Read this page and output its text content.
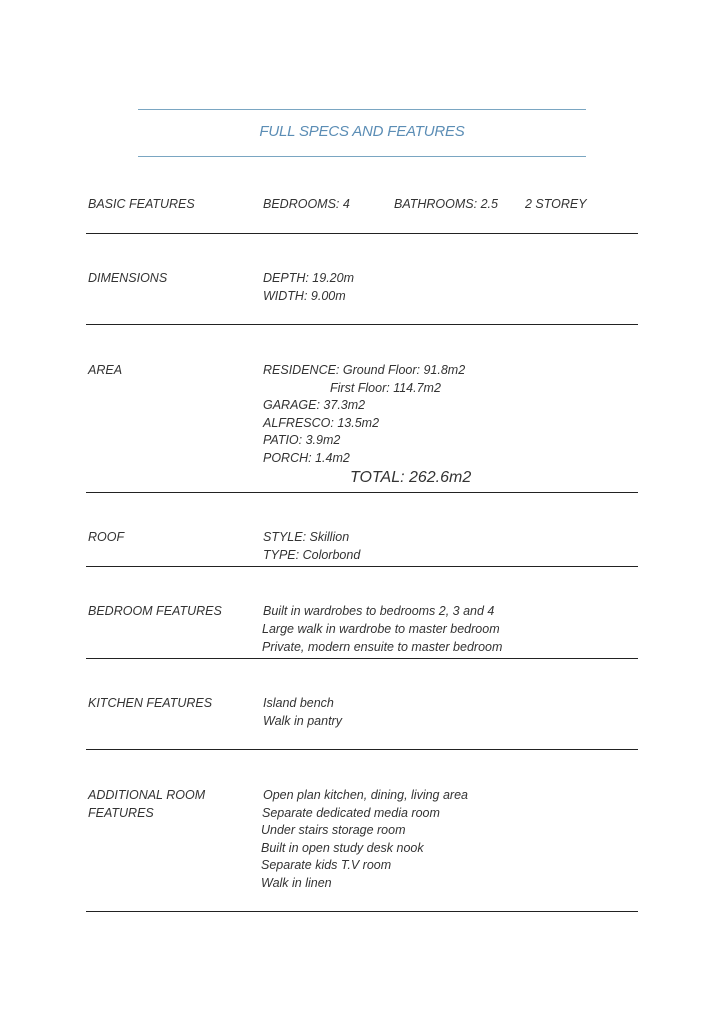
FULL SPECS AND FEATURES
BASIC FEATURES	BEDROOMS: 4	BATHROOMS: 2.5 2 STOREY
DIMENSIONS	DEPTH: 19.20m
WIDTH: 9.00m
AREA	RESIDENCE: Ground Floor: 91.8m2
First Floor: 114.7m2
GARAGE: 37.3m2
ALFRESCO: 13.5m2
PATIO: 3.9m2
PORCH: 1.4m2
TOTAL: 262.6m2
ROOF	STYLE: Skillion
TYPE: Colorbond
BEDROOM FEATURES	Built in wardrobes to bedrooms 2, 3 and 4
Large walk in wardrobe to master bedroom
Private, modern ensuite to master bedroom
KITCHEN FEATURES	Island bench
Walk in pantry
ADDITIONAL ROOM
FEATURES
Open plan kitchen, dining, living area
Separate dedicated media room
Under stairs storage room
Built in open study desk nook
Separate kids T.V room
Walk in linen
